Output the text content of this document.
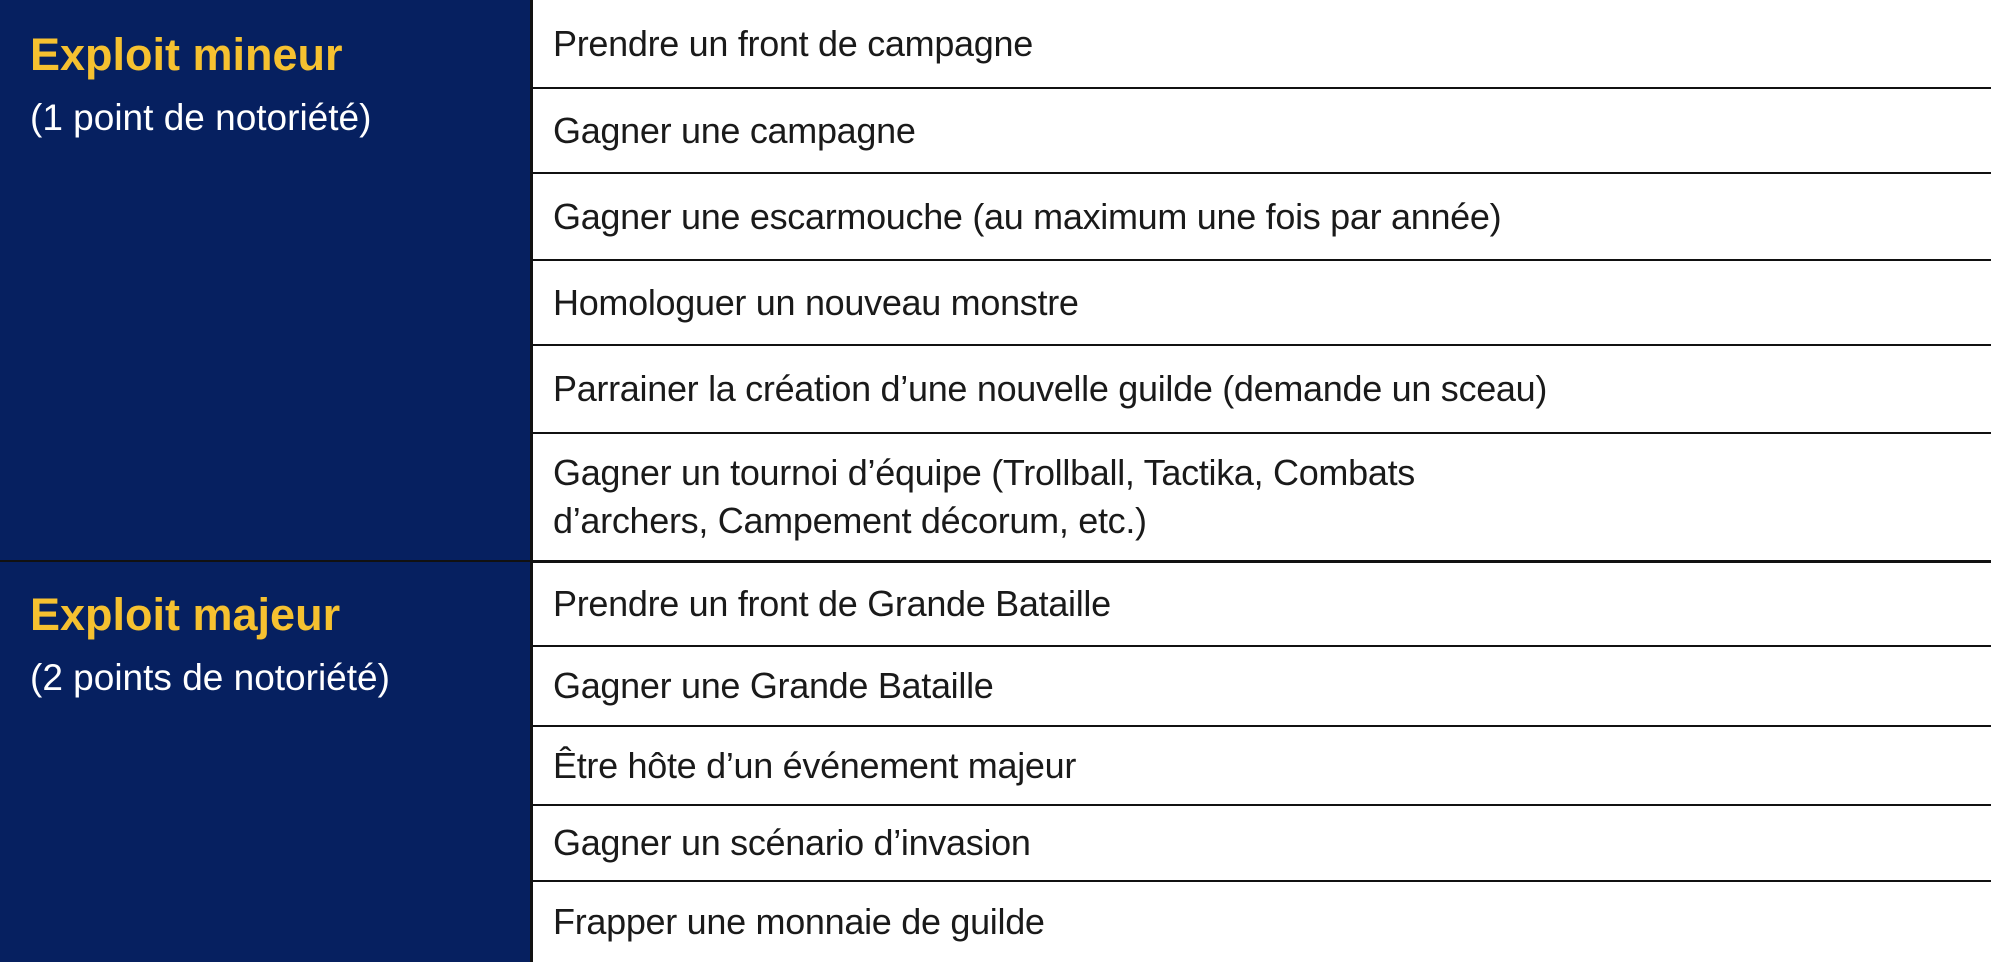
Exploit mineur
(1 point de notoriété)
Prendre un front de campagne
Gagner une campagne
Gagner une escarmouche (au maximum une fois par année)
Homologuer un nouveau monstre
Parrainer la création d’une nouvelle guilde (demande un sceau)
Gagner un tournoi d’équipe (Trollball, Tactika, Combats
d’archers, Campement décorum, etc.)
Exploit majeur
(2 points de notoriété)
Prendre un front de Grande Bataille
Gagner une Grande Bataille
Être hôte d’un événement majeur
Gagner un scénario d’invasion
Frapper une monnaie de guilde
